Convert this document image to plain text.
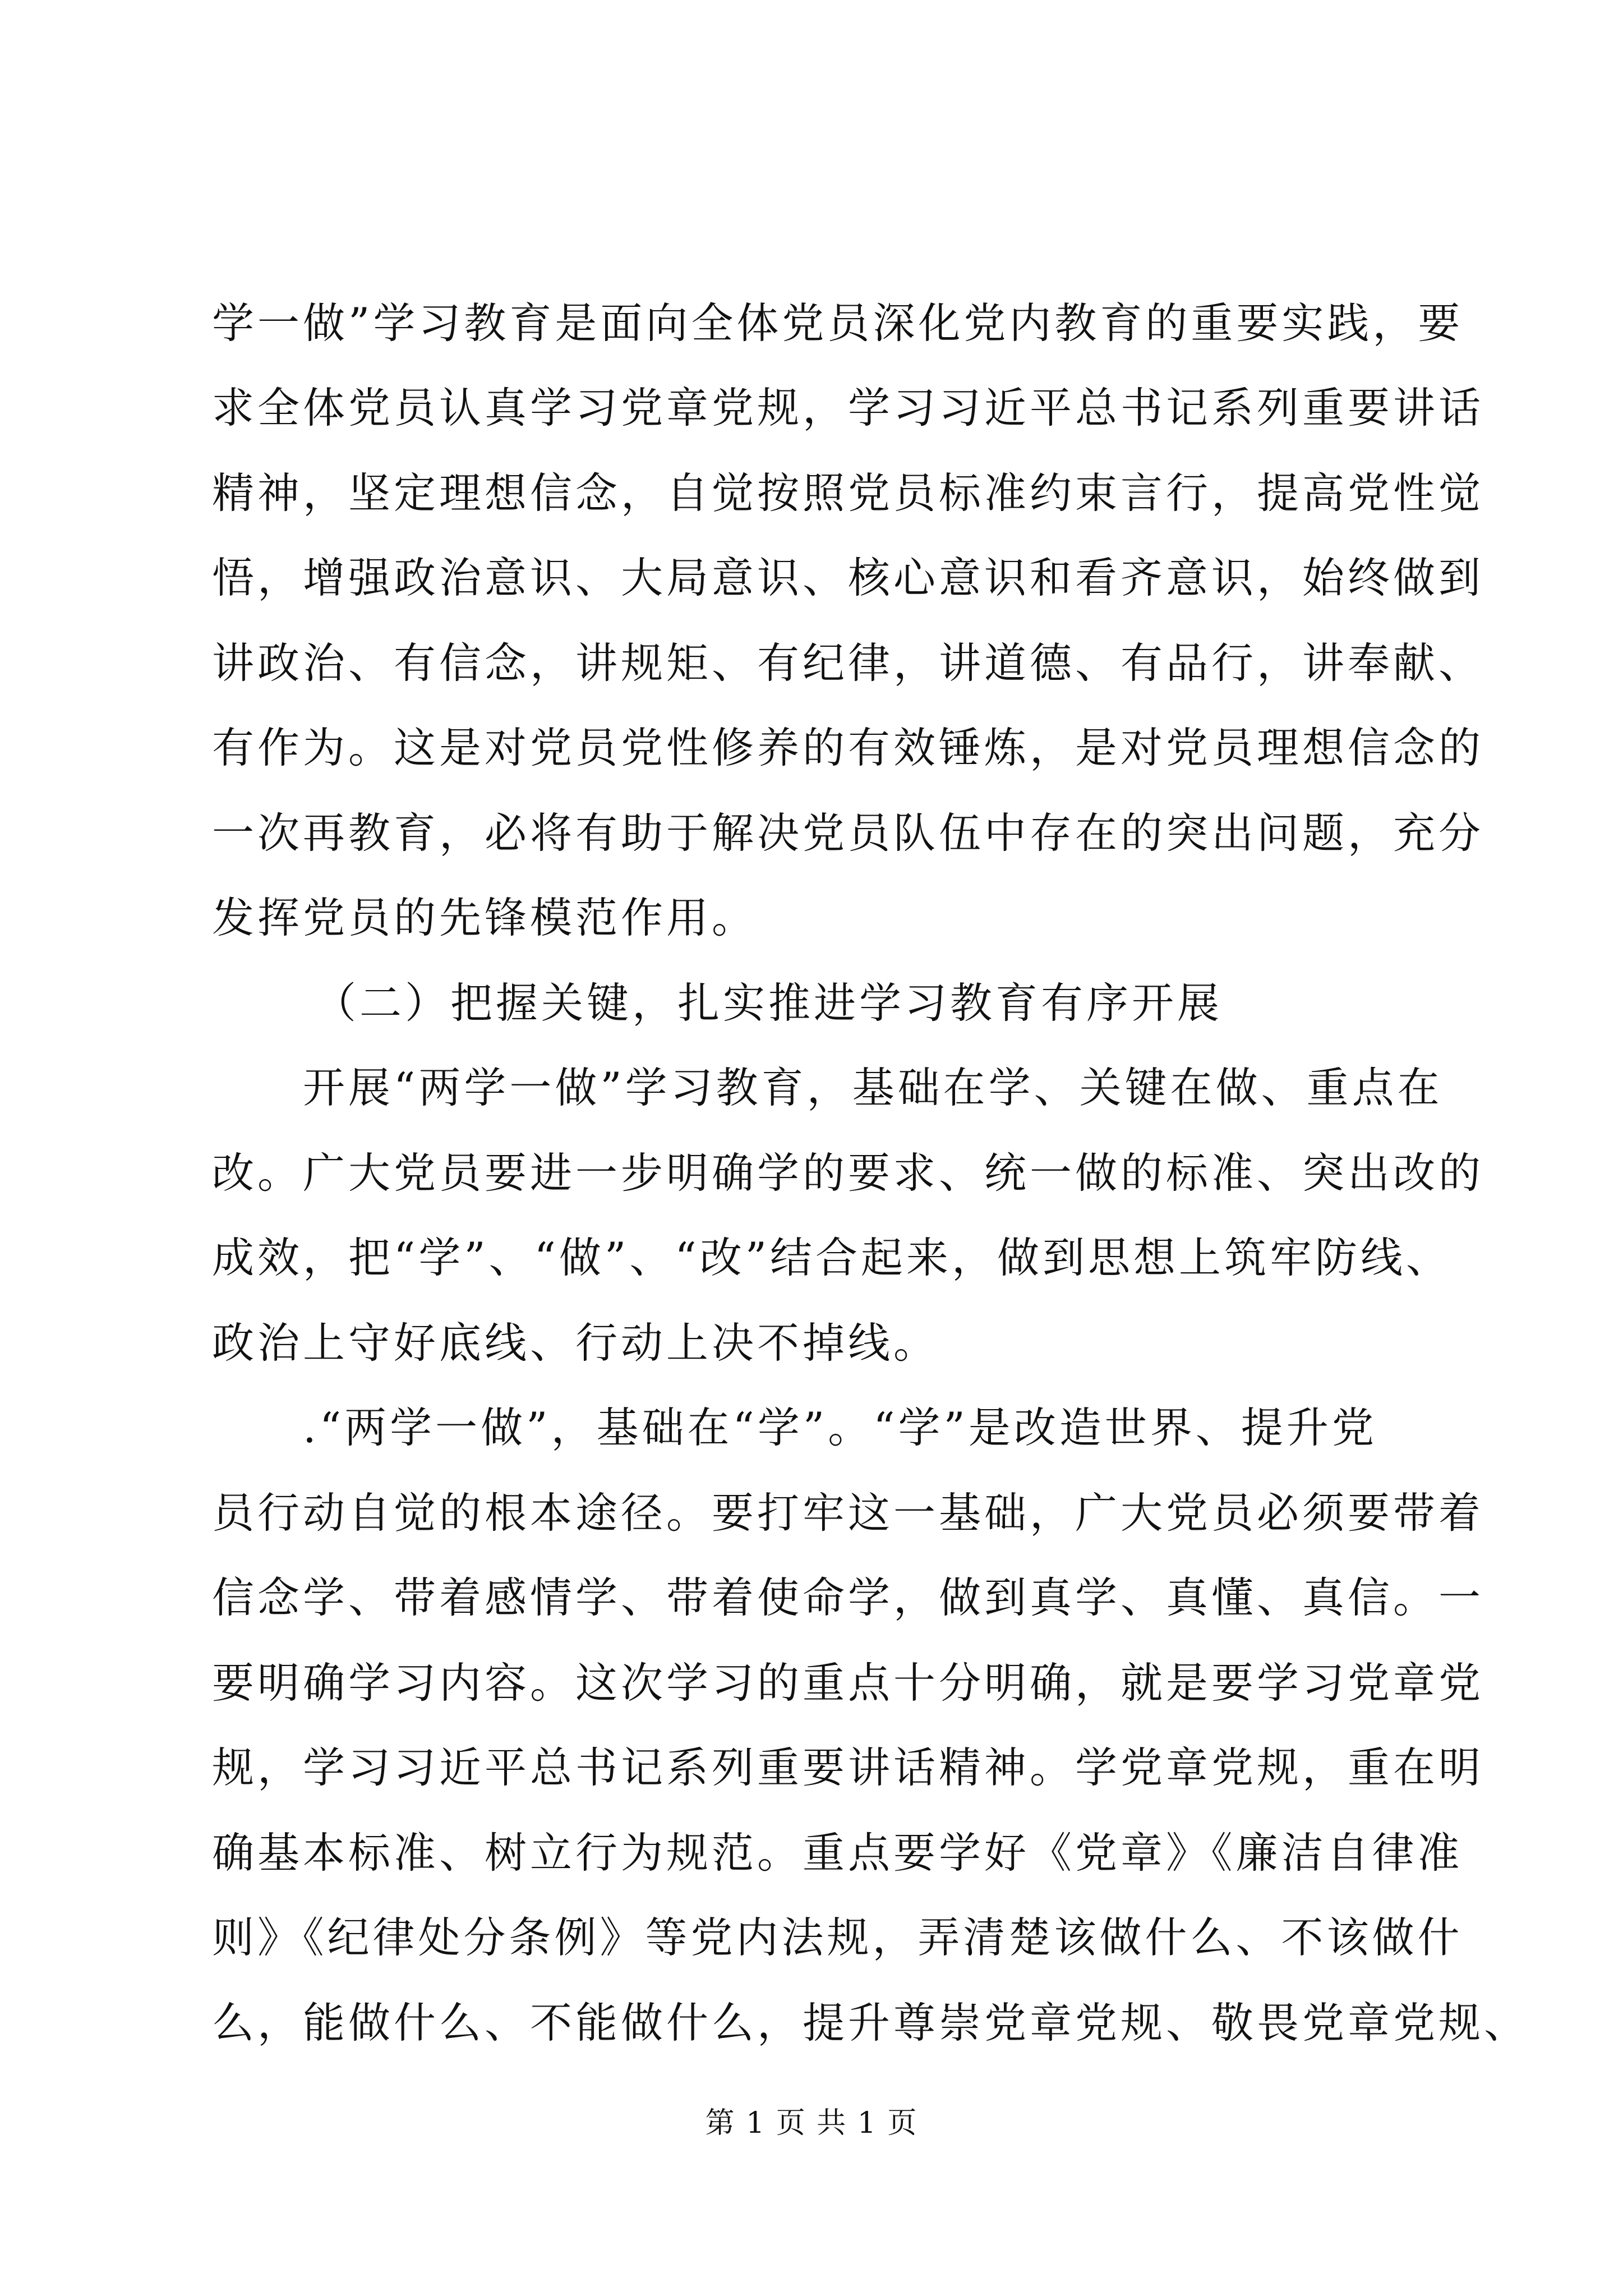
学一做”学习教育是面向全体党员深化党内教育的重要实践，要
求全体党员认真学习党章党规，学习习近平总书记系列重要讲话
精神，坚定理想信念，自觉按照党员标准约束言行，提高党性觉
悟，增强政治意识、大局意识、核心意识和看齐意识，始终做到
讲政治、有信念，讲规矩、有纪律，讲道德、有品行，讲奉献、
有作为。这是对党员党性修养的有效锤炼，是对党员理想信念的
一次再教育，必将有助于解决党员队伍中存在的突出问题，充分
发挥党员的先锋模范作用。
（二）把握关键，扎实推进学习教育有序开展
开展“两学一做”学习教育，基础在学、关键在做、重点在
改。广大党员要进一步明确学的要求、统一做的标准、突出改的
成效，把“学”、“做”、“改”结合起来，做到思想上筑牢防线、
政治上守好底线、行动上决不掉线。
.“两学一做”，基础在“学”。“学”是改造世界、提升党
员行动自觉的根本途径。要打牢这一基础，广大党员必须要带着
信念学、带着感情学、带着使命学，做到真学、真懂、真信。一
要明确学习内容。这次学习的重点十分明确，就是要学习党章党
规，学习习近平总书记系列重要讲话精神。学党章党规，重在明
确基本标准、树立行为规范。重点要学好《党章》《廉洁自律准
则》《纪律处分条例》等党内法规，弄清楚该做什么、不该做什
么，能做什么、不能做什么，提升尊崇党章党规、敬畏党章党规、
第 1 页 共 1 页
